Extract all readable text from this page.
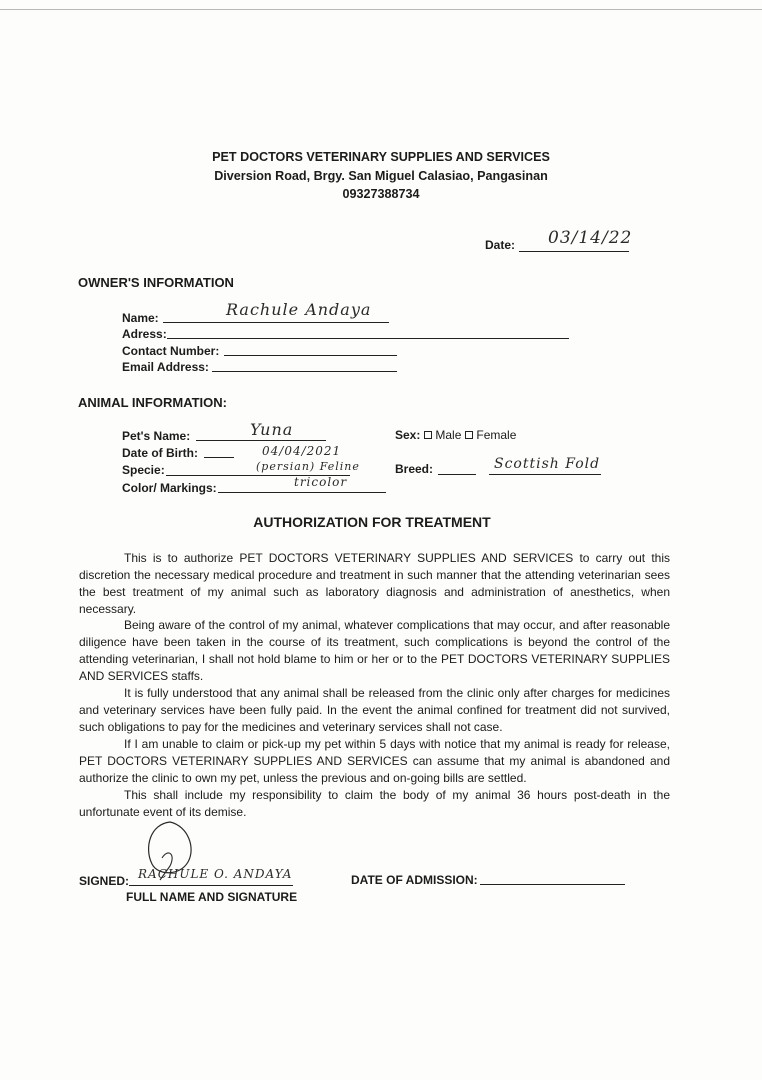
PET DOCTORS VETERINARY SUPPLIES AND SERVICES
Diversion Road, Brgy. San Miguel Calasiao, Pangasinan
09327388734
Date: 03/14/22
OWNER'S INFORMATION
Name:	Rachule Andaya
Adress:
Contact Number:
Email Address:
ANIMAL INFORMATION:
Pet's Name:	Yuna
Date of Birth:	04/04/2021
Specie:	(persian) Feline
Color/ Markings:	tricolor
Sex: Male Female
Breed:	Scottish Fold
AUTHORIZATION FOR TREATMENT

This is to authorize PET DOCTORS VETERINARY SUPPLIES AND SERVICES to carry out this discretion the necessary medical procedure and treatment in such manner that the attending veterinarian sees the best treatment of my animal such as laboratory diagnosis and administration of anesthetics, when necessary.

Being aware of the control of my animal, whatever complications that may occur, and after reasonable diligence have been taken in the course of its treatment, such complications is beyond the control of the attending veterinarian, I shall not hold blame to him or her or to the PET DOCTORS VETERINARY SUPPLIES AND SERVICES staffs.

It is fully understood that any animal shall be released from the clinic only after charges for medicines and veterinary services have been fully paid. In the event the animal confined for treatment did not survived, such obligations to pay for the medicines and veterinary services shall not case.

If I am unable to claim or pick-up my pet within 5 days with notice that my animal is ready for release, PET DOCTORS VETERINARY SUPPLIES AND SERVICES can assume that my animal is abandoned and authorize the clinic to own my pet, unless the previous and on-going bills are settled.

This shall include my responsibility to claim the body of my animal 36 hours post-death in the unfortunate event of its demise.

SIGNED: RACHULE O. ANDAYA
FULL NAME AND SIGNATURE
DATE OF ADMISSION:
